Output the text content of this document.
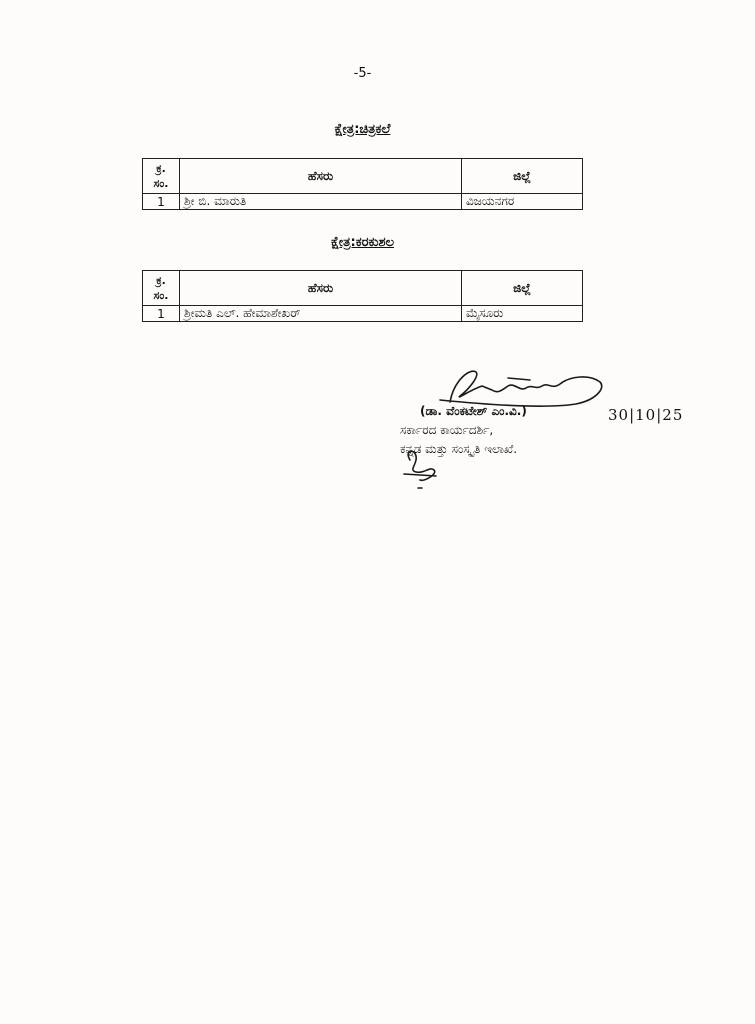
-5-
ಕ್ಷೇತ್ರ:ಚಿತ್ರಕಲೆ
ಕ್ರ. ಸಂ.	ಹೆಸರು	ಜಿಲ್ಲೆ
1	ಶ್ರೀ ಬಿ. ಮಾರುತಿ	ವಿಜಯನಗರ
ಕ್ಷೇತ್ರ:ಕರಕುಶಲ
ಕ್ರ. ಸಂ.	ಹೆಸರು	ಜಿಲ್ಲೆ
1	ಶ್ರೀಮತಿ ಎಲ್. ಹೇಮಾಶೇಖರ್	ಮೈಸೂರು
(ಡಾ. ವೆಂಕಟೇಶ್ ಎಂ.ವಿ.)	30|10|25
ಸರ್ಕಾರದ ಕಾರ್ಯದರ್ಶಿ,
ಕನ್ನಡ ಮತ್ತು ಸಂಸ್ಕೃತಿ ಇಲಾಖೆ.
